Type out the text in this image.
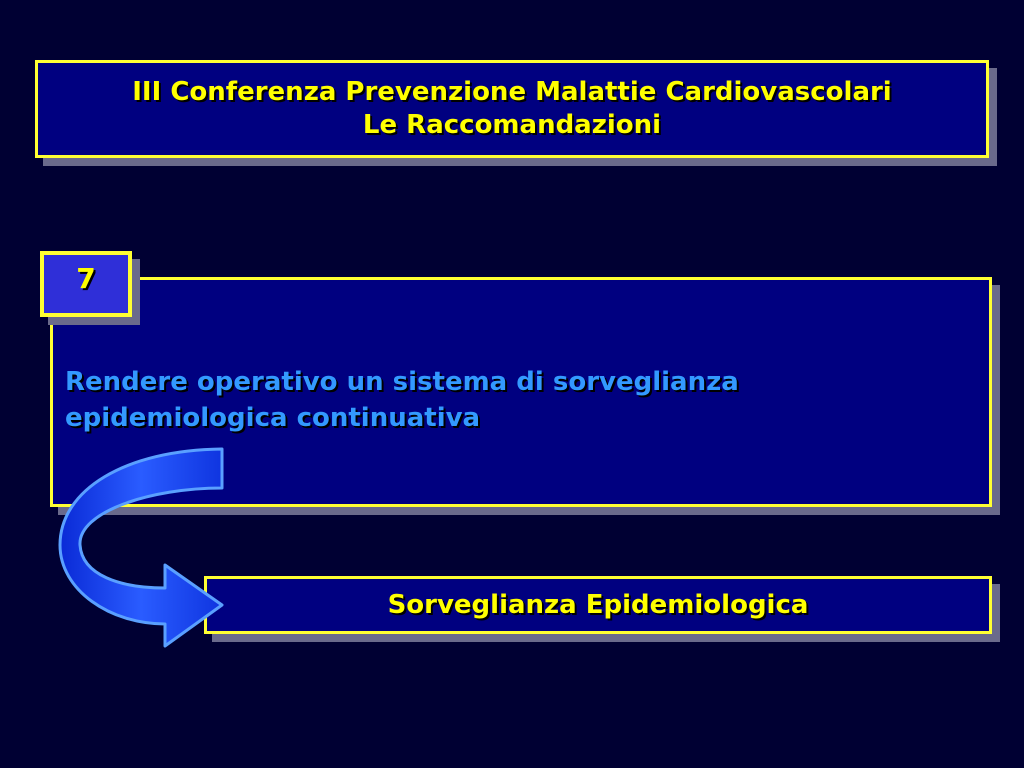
III Conferenza Prevenzione Malattie Cardiovascolari
Le Raccomandazioni
Rendere operativo un sistema di sorveglianza
epidemiologica continuativa
7
Sorveglianza Epidemiologica
